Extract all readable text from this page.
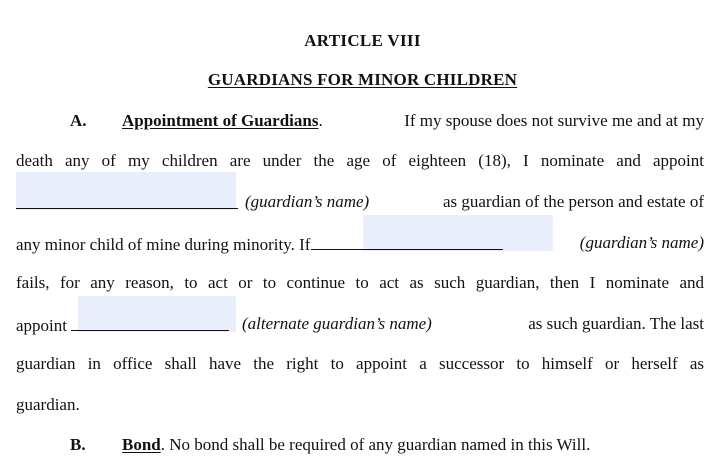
ARTICLE VIII
GUARDIANS FOR MINOR CHILDREN
A. Appointment of Guardians.	If my spouse does not survive me and at my
death any of my children are under the age of eighteen (18), I nominate and appoint
(guardian’s name)	as guardian of the person and estate of
any minor child of mine during minority. If	(guardian’s name)
fails, for any reason, to act or to continue to act as such guardian, then I nominate and
appoint	(alternate guardian’s name)	as such guardian. The last
guardian in office shall have the right to appoint a successor to himself or herself as
guardian.
B. Bond. No bond shall be required of any guardian named in this Will.
